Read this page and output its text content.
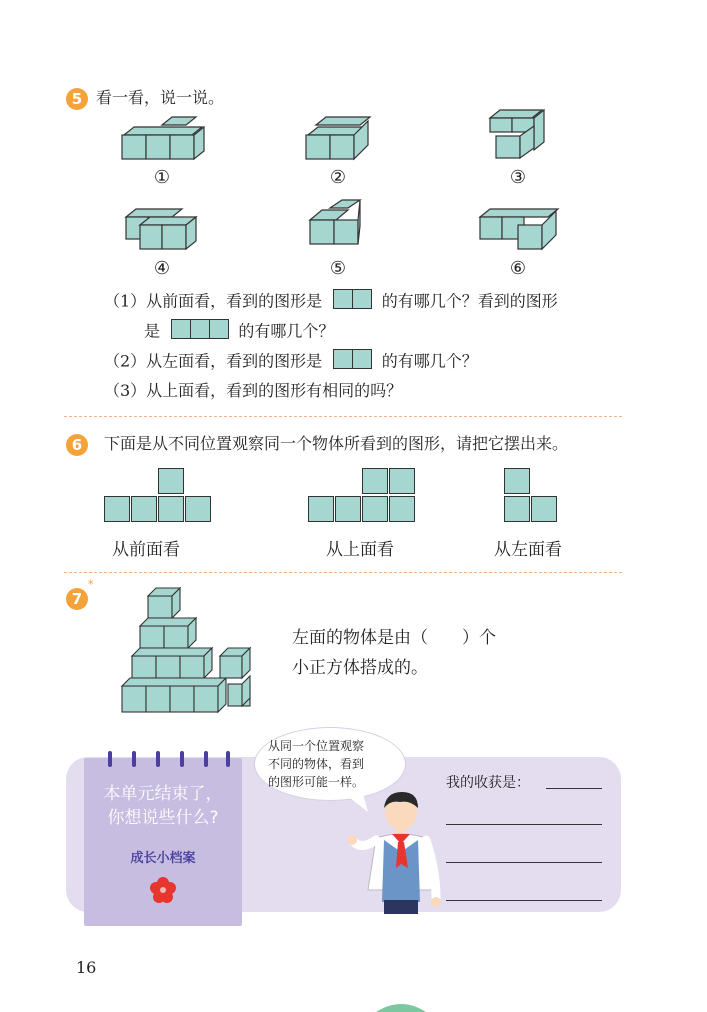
5 看一看，说一说。
①	②	③
④	⑤	⑥
（1）从前面看，看到的图形是	的有哪几个？看到的图形
是	的有哪几个？
（2）从左面看，看到的图形是	的有哪几个？
（3）从上面看，看到的图形有相同的吗？
6	下面是从不同位置观察同一个物体所看到的图形，请把它摆出来。
从前面看	从上面看	从左面看
7
*
左面的物体是由（　　）个
小正方体搭成的。
本单元结束了，
你想说些什么?
成长小档案
从同一个位置观察
不同的物体，看到
的图形可能一样。	我的收获是：
16
